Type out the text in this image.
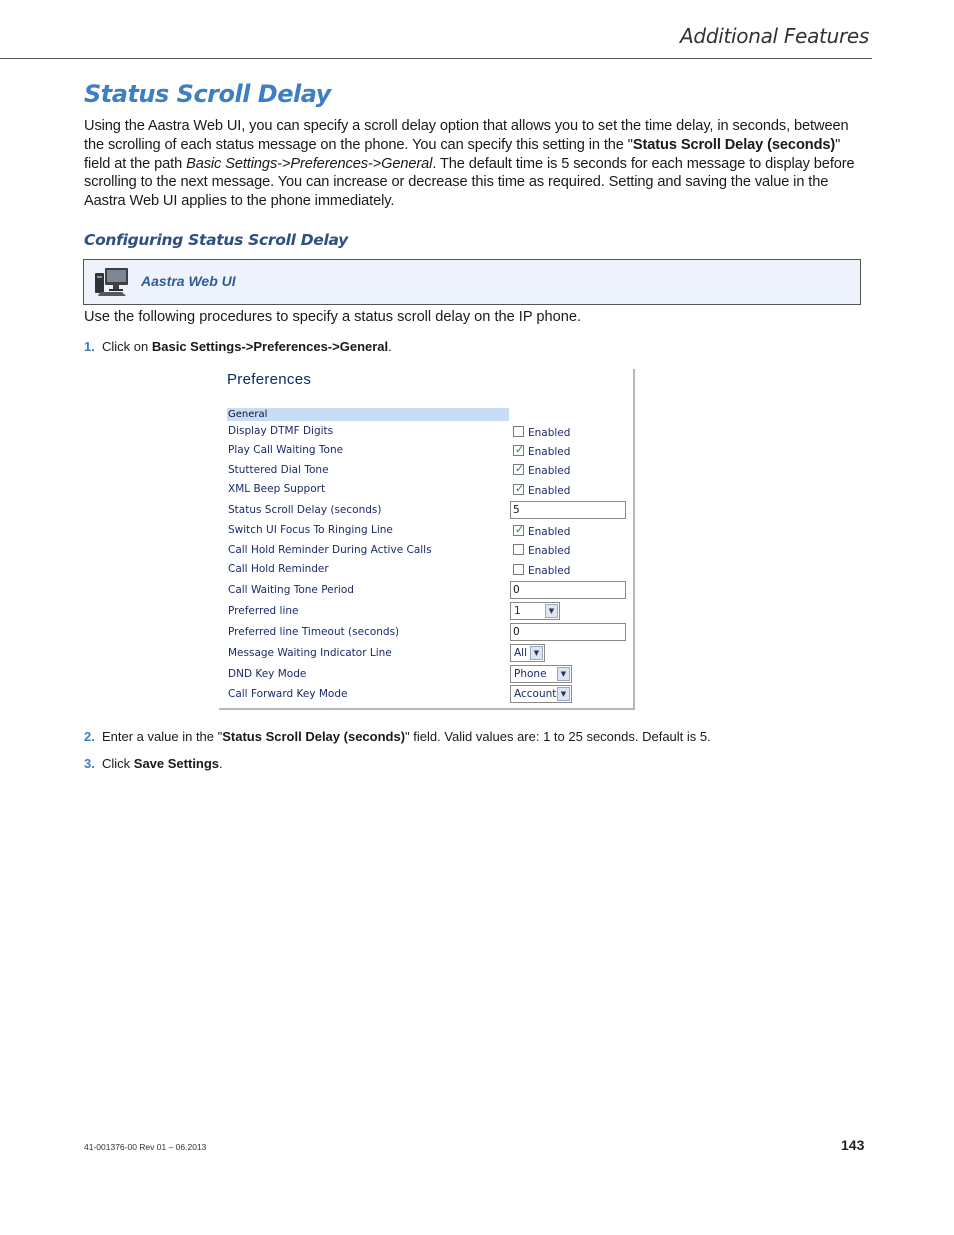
Additional Features
Status Scroll Delay

Using the Aastra Web UI, you can specify a scroll delay option that allows you to set the time delay, in seconds, between the scrolling of each status message on the phone. You can specify this setting in the "Status Scroll Delay (seconds)" field at the path Basic Settings->Preferences->General. The default time is 5 seconds for each message to display before scrolling to the next message. You can increase or decrease this time as required. Setting and saving the value in the Aastra Web UI applies to the phone immediately.

Configuring Status Scroll Delay
Aastra Web UI

Use the following procedures to specify a status scroll delay on the IP phone.

1. Click on Basic Settings->Preferences->General.

Preferences
General
Display DTMF Digits	Enabled
Play Call Waiting Tone	✓ Enabled
Stuttered Dial Tone	✓ Enabled
XML Beep Support	✓ Enabled
Status Scroll Delay (seconds)	5
Switch UI Focus To Ringing Line	✓ Enabled
Call Hold Reminder During Active Calls	Enabled
Call Hold Reminder	Enabled
Call Waiting Tone Period	0
Preferred line	1	▼
Preferred line Timeout (seconds)	0
Message Waiting Indicator Line	All ▼
DND Key Mode	Phone	▼
Call Forward Key Mode	Account ▼

2. Enter a value in the "Status Scroll Delay (seconds)" field. Valid values are: 1 to 25 seconds. Default is 5.

3. Click Save Settings.

41-001376-00 Rev 01 – 06.2013	143
